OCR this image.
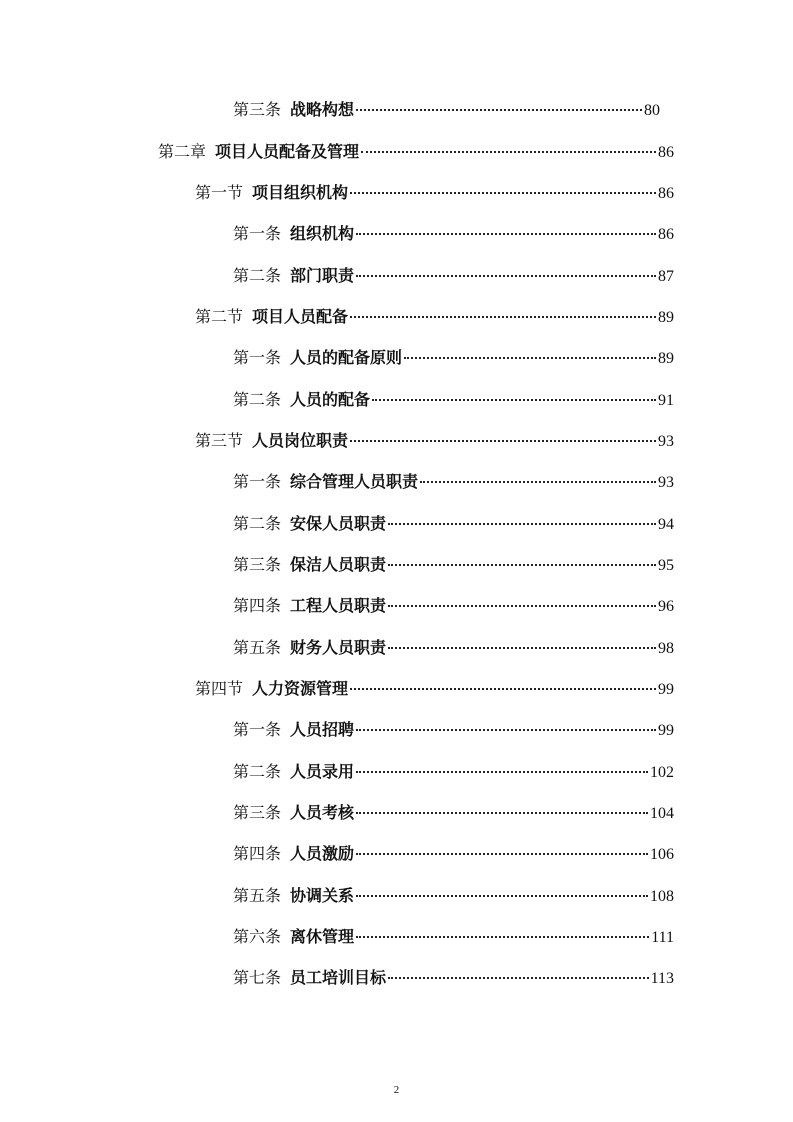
第三条 战略构想	80
第二章 项目人员配备及管理	86
第一节 项目组织机构	86
第一条 组织机构	86
第二条 部门职责	87
第二节 项目人员配备	89
第一条 人员的配备原则	89
第二条 人员的配备	91
第三节 人员岗位职责	93
第一条 综合管理人员职责	93
第二条 安保人员职责	94
第三条 保洁人员职责	95
第四条 工程人员职责	96
第五条 财务人员职责	98
第四节 人力资源管理	99
第一条 人员招聘	99
第二条 人员录用	102
第三条 人员考核	104
第四条 人员激励	106
第五条 协调关系	108
第六条 离休管理	111
第七条 员工培训目标	113
2
